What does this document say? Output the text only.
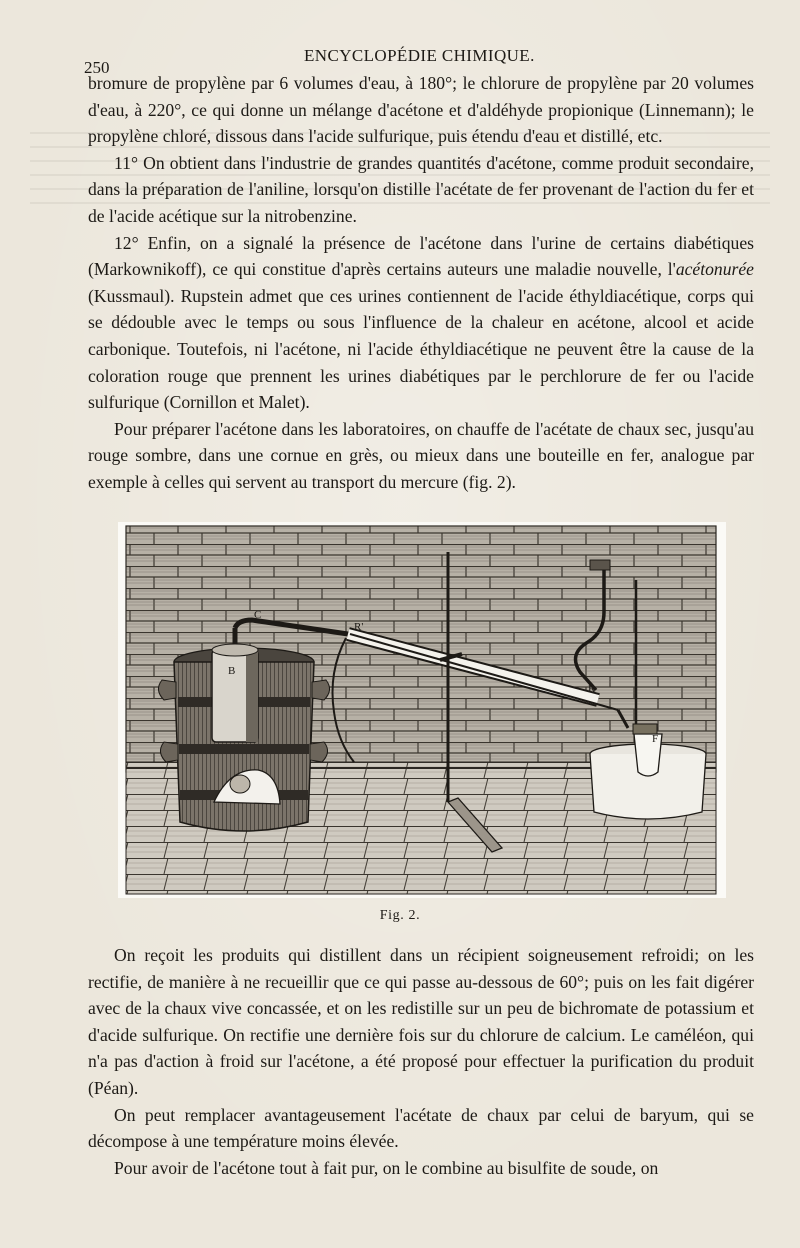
250
ENCYCLOPÉDIE CHIMIQUE.

bromure de propylène par 6 volumes d'eau, à 180°; le chlorure de propylène par 20 volumes d'eau, à 220°, ce qui donne un mélange d'acétone et d'aldéhyde propionique (Linnemann); le propylène chloré, dissous dans l'acide sulfurique, puis étendu d'eau et distillé, etc.

11° On obtient dans l'industrie de grandes quantités d'acétone, comme produit secondaire, dans la préparation de l'aniline, lorsqu'on distille l'acétate de fer provenant de l'action du fer et de l'acide acétique sur la nitrobenzine.

12° Enfin, on a signalé la présence de l'acétone dans l'urine de certains diabétiques (Markownikoff), ce qui constitue d'après certains auteurs une maladie nouvelle, l'acétonurée (Kussmaul). Rupstein admet que ces urines contiennent de l'acide éthyldiacétique, corps qui se dédouble avec le temps ou sous l'influence de la chaleur en acétone, alcool et acide carbonique. Toutefois, ni l'acétone, ni l'acide éthyldiacétique ne peuvent être la cause de la coloration rouge que prennent les urines diabétiques par le perchlorure de fer ou l'acide sulfurique (Cornillon et Malet).

Pour préparer l'acétone dans les laboratoires, on chauffe de l'acétate de chaux sec, jusqu'au rouge sombre, dans une cornue en grès, ou mieux dans une bouteille en fer, analogue par exemple à celles qui servent au transport du mercure (fig. 2).

C
B
R'
R
F
Fig. 2.

On reçoit les produits qui distillent dans un récipient soigneusement refroidi; on les rectifie, de manière à ne recueillir que ce qui passe au-dessous de 60°; puis on les fait digérer avec de la chaux vive concassée, et on les redistille sur un peu de bichromate de potassium et d'acide sulfurique. On rectifie une dernière fois sur du chlorure de calcium. Le caméléon, qui n'a pas d'action à froid sur l'acétone, a été proposé pour effectuer la purification du produit (Péan).

On peut remplacer avantageusement l'acétate de chaux par celui de baryum, qui se décompose à une température moins élevée.

Pour avoir de l'acétone tout à fait pur, on le combine au bisulfite de soude, on
